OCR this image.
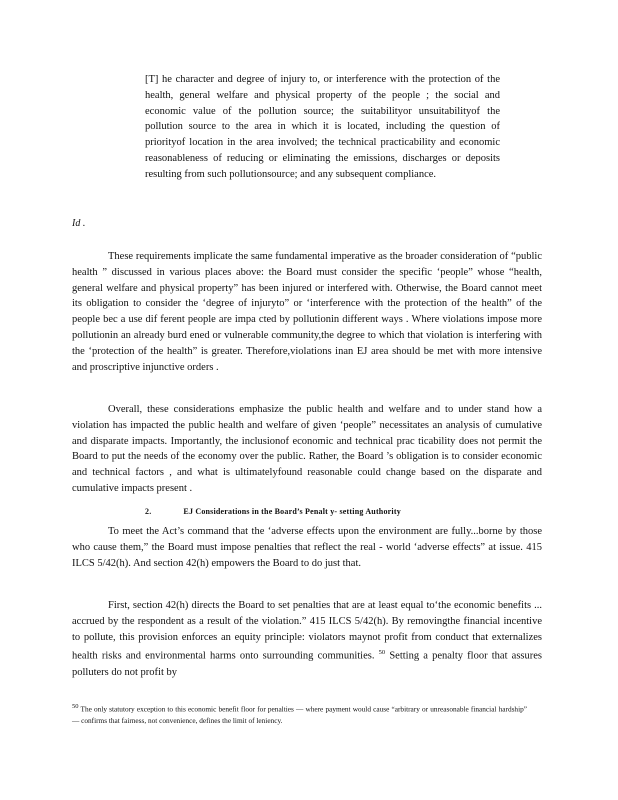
[T] he character and degree of injury to, or interference with the protection of the health, general welfare and physical property of the people ; the social and economic value of the pollution source; the suitabilityor unsuitabilityof the pollution source to the area in which it is located, including the question of priorityof location in the area involved; the technical practicability and economic reasonableness of reducing or eliminating the emissions, discharges or deposits resulting from such pollutionsource; and any subsequent compliance.
Id .

These requirements implicate the same fundamental imperative as the broader consideration of “public health ” discussed in various places above: the Board must consider the specific ‘people” whose “health, general welfare and physical property” has been injured or interfered with. Otherwise, the Board cannot meet its obligation to consider the ‘degree of injuryto” or ‘interference with the protection of the health” of the people bec a use dif ferent people are impa cted by pollutionin different ways . Where violations impose more pollutionin an already burd ened or vulnerable community,the degree to which that violation is interfering with the ‘protection of the health” is greater. Therefore,violations inan EJ area should be met with more intensive and proscriptive injunctive orders .

Overall, these considerations emphasize the public health and welfare and to under stand how a violation has impacted the public health and welfare of given ‘people” necessitates an analysis of cumulative and disparate impacts. Importantly, the inclusionof economic and technical prac ticability does not permit the Board to put the needs of the economy over the public. Rather, the Board ’s obligation is to consider economic and technical factors , and what is ultimatelyfound reasonable could change based on the disparate and cumulative impacts present .

2.	EJ Considerations in the Board’s Penalt y- setting Authority

To meet the Act’s command that the ‘adverse effects upon the environment are fully...borne by those who cause them,” the Board must impose penalties that reflect the real - world ‘adverse effects” at issue. 415 ILCS 5/42(h). And section 42(h) empowers the Board to do just that.

First, section 42(h) directs the Board to set penalties that are at least equal to‘the economic benefits ... accrued by the respondent as a result of the violation.” 415 ILCS 5/42(h). By removingthe financial incentive to pollute, this provision enforces an equity principle: violators maynot profit from conduct that externalizes health risks and environmental harms onto surrounding communities. $^{50}$ Setting a penalty floor that assures polluters do not profit by

$^{50}$ The only statutory exception to this economic benefit floor for penalties — where payment would cause “arbitrary or unreasonable financial hardship” — confirms that fairness, not convenience, defines the limit of leniency.
